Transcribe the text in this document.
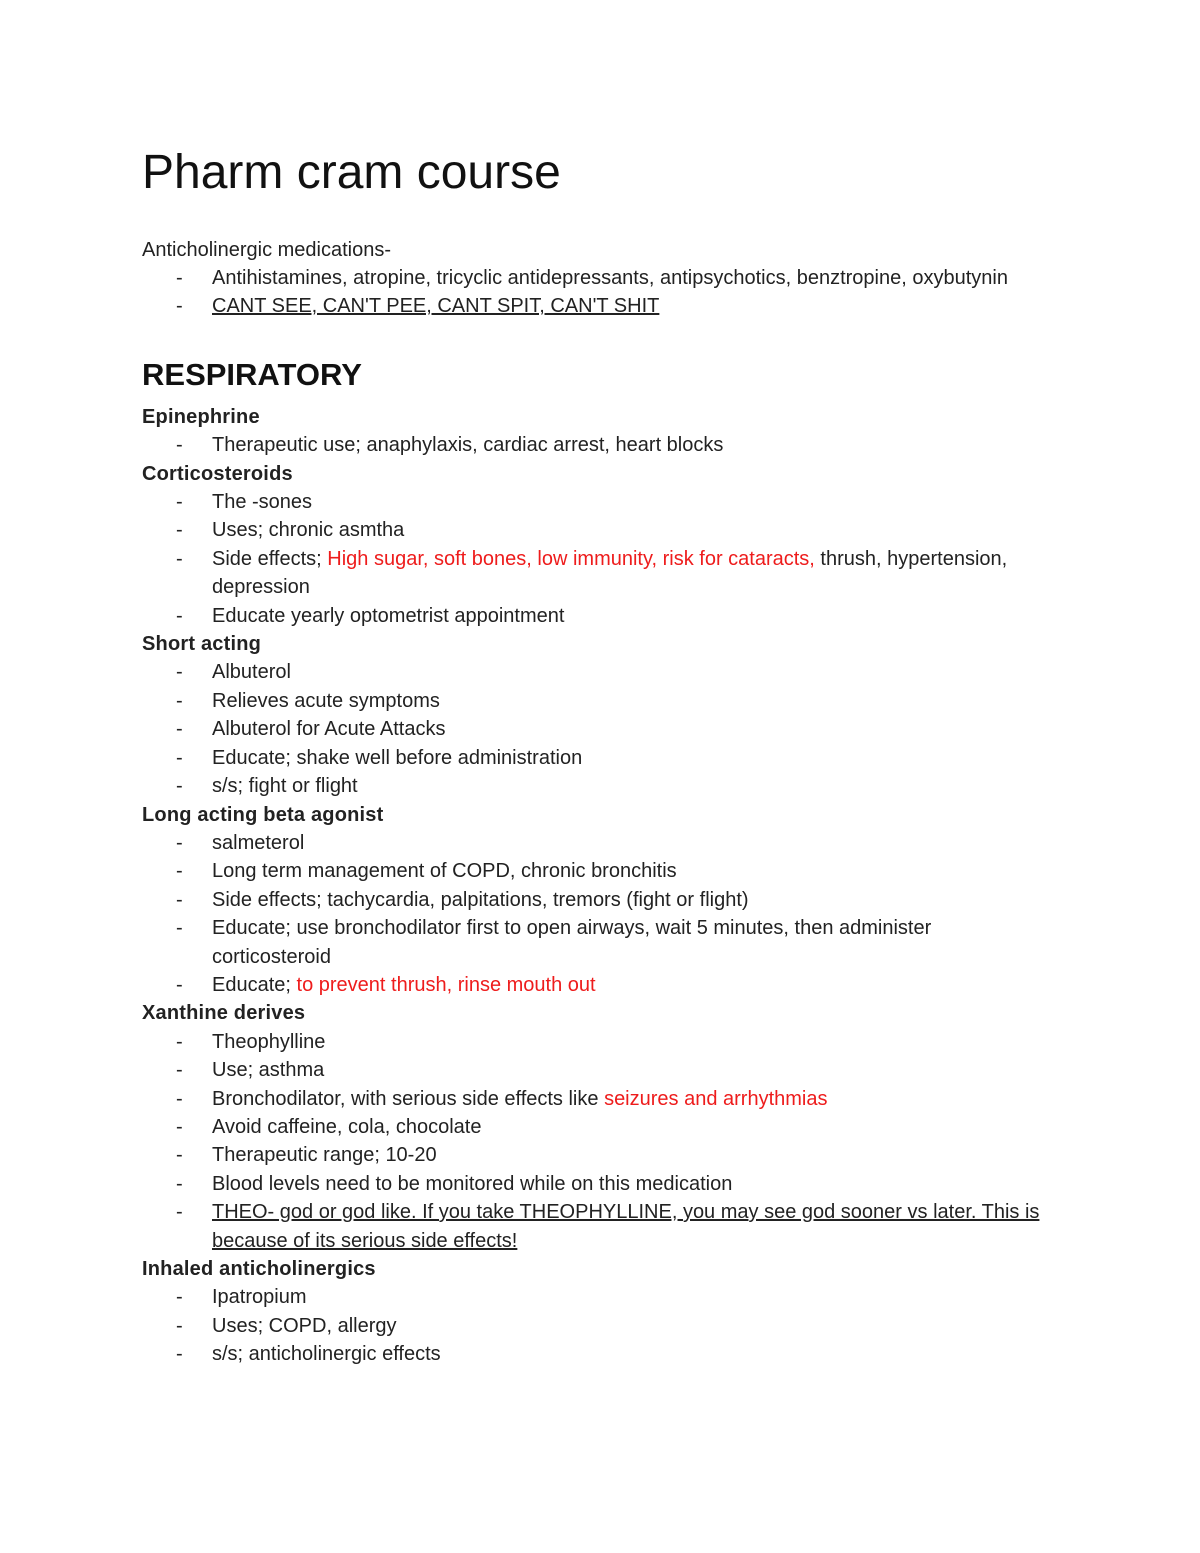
Pharm cram course
Anticholinergic medications-
- Antihistamines, atropine, tricyclic antidepressants, antipsychotics, benztropine, oxybutynin
- CANT SEE, CAN'T PEE, CANT SPIT, CAN'T SHIT
RESPIRATORY
Epinephrine
- Therapeutic use; anaphylaxis, cardiac arrest, heart blocks
Corticosteroids
- The -sones
- Uses; chronic asmtha
- Side effects; High sugar, soft bones, low immunity, risk for cataracts, thrush, hypertension, depression
- Educate yearly optometrist appointment
Short acting
- Albuterol
- Relieves acute symptoms
- Albuterol for Acute Attacks
- Educate; shake well before administration
- s/s; fight or flight
Long acting beta agonist
- salmeterol
- Long term management of COPD, chronic bronchitis
- Side effects; tachycardia, palpitations, tremors (fight or flight)
- Educate; use bronchodilator first to open airways, wait 5 minutes, then administer corticosteroid
- Educate; to prevent thrush, rinse mouth out
Xanthine derives
- Theophylline
- Use; asthma
- Bronchodilator, with serious side effects like seizures and arrhythmias
- Avoid caffeine, cola, chocolate
- Therapeutic range; 10-20
- Blood levels need to be monitored while on this medication
- THEO- god or god like. If you take THEOPHYLLINE, you may see god sooner vs later. This is because of its serious side effects!
Inhaled anticholinergics
- Ipatropium
- Uses; COPD, allergy
- s/s; anticholinergic effects
